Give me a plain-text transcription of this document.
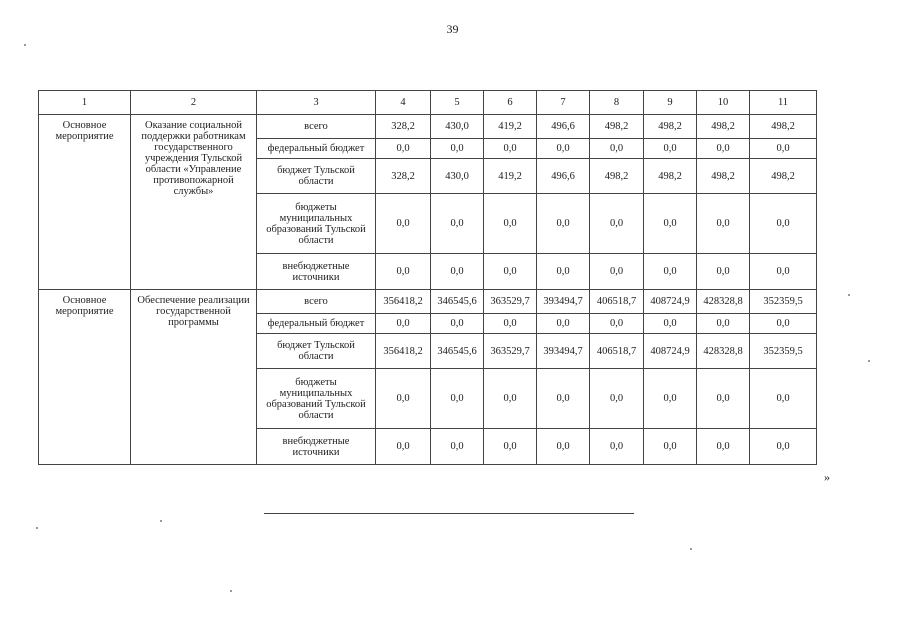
39
1	2	3	4	5	6	7	8	9	10	11
Основное мероприятие	Оказание социальной поддержки работникам государственного учреждения Тульской области «Управление противопожарной службы»	всего	328,2	430,0	419,2	496,6	498,2	498,2	498,2	498,2
		федеральный бюджет	0,0	0,0	0,0	0,0	0,0	0,0	0,0	0,0
		бюджет Тульской области	328,2	430,0	419,2	496,6	498,2	498,2	498,2	498,2
		бюджеты муниципальных образований Тульской области	0,0	0,0	0,0	0,0	0,0	0,0	0,0	0,0
		внебюджетные источники	0,0	0,0	0,0	0,0	0,0	0,0	0,0	0,0
Основное мероприятие	Обеспечение реализации государственной программы	всего	356418,2	346545,6	363529,7	393494,7	406518,7	408724,9	428328,8	352359,5
		федеральный бюджет	0,0	0,0	0,0	0,0	0,0	0,0	0,0	0,0
		бюджет Тульской области	356418,2	346545,6	363529,7	393494,7	406518,7	408724,9	428328,8	352359,5
		бюджеты муниципальных образований Тульской области	0,0	0,0	0,0	0,0	0,0	0,0	0,0	0,0
		внебюджетные источники	0,0	0,0	0,0	0,0	0,0	0,0	0,0	0,0
»
